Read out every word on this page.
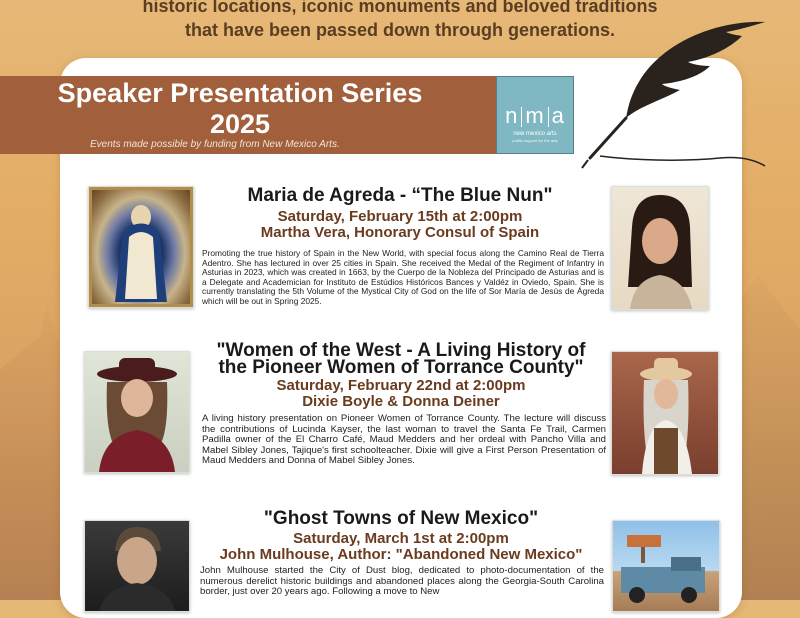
historic locations, iconic monuments and beloved traditions
that have been passed down through generations.
Speaker Presentation Series
2025
Events made possible by funding from New Mexico Arts.
n m a
new mexico arts
public support for the arts
Maria de Agreda - “The Blue Nun"
Saturday, February 15th at 2:00pm
Martha Vera, Honorary Consul of Spain
Promoting the true history of Spain in the New World, with special focus along the Camino Real de Tierra Adentro. She has lectured in over 25 cities in Spain. She received the Medal of the Regiment of Infantry in Asturias in 2023, which was created in 1663, by the Cuerpo de la Nobleza del Principado de Asturias and is a Delegate and Academician for Instituto de Estúdios Históricos Bances y Valdéz in Oviedo, Spain. She is currently translating the 5th Volume of the Mystical City of God on the life of Sor María de Jesús de Ágreda which will be out in Spring 2025.
"Women of the West - A Living History of
the Pioneer Women of Torrance County"
Saturday, February 22nd at 2:00pm
Dixie Boyle & Donna Deiner
A living history presentation on Pioneer Women of Torrance County. The lecture will discuss the contributions of Lucinda Kayser, the last woman to travel the Santa Fe Trail, Carmen Padilla owner of the El Charro Café, Maud Medders and her ordeal with Pancho Villa and Mabel Sibley Jones, Tajique's first schoolteacher. Dixie will give a First Person Presentation of Maud Medders and Donna of Mabel Sibley Jones.
"Ghost Towns of New Mexico"
Saturday, March 1st at 2:00pm
John Mulhouse, Author: "Abandoned New Mexico"
John Mulhouse started the City of Dust blog, dedicated to photo-documentation of the numerous derelict historic buildings and abandoned places along the Georgia-South Carolina border, just over 20 years ago. Following a move to New
